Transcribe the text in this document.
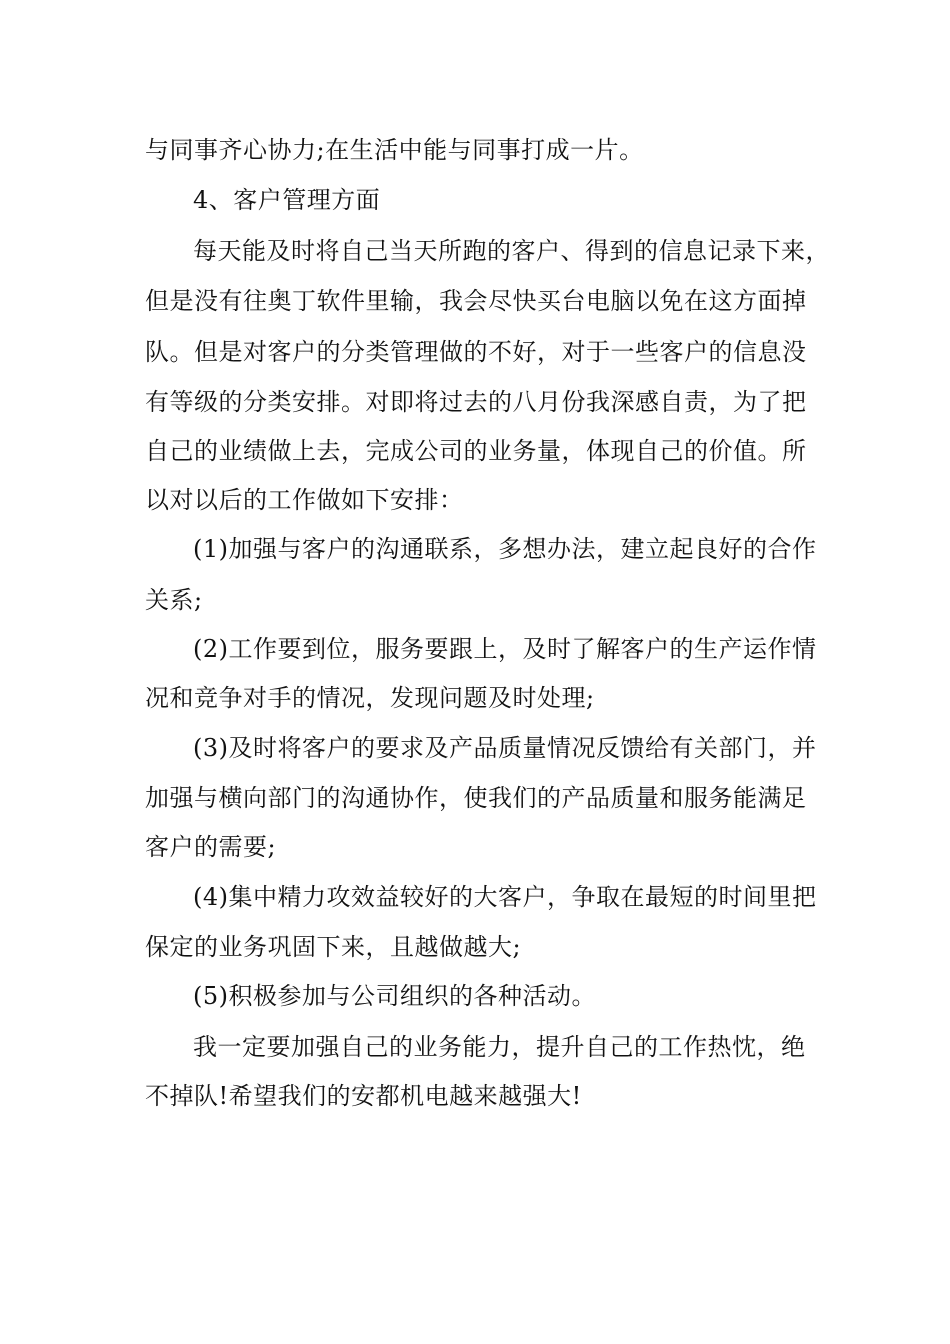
与同事齐心协力;在生活中能与同事打成一片。
4、客户管理方面
每天能及时将自己当天所跑的客户、得到的信息记录下来，
但是没有往奥丁软件里输，我会尽快买台电脑以免在这方面掉
队。但是对客户的分类管理做的不好，对于一些客户的信息没
有等级的分类安排。对即将过去的八月份我深感自责，为了把
自己的业绩做上去，完成公司的业务量，体现自己的价值。所
以对以后的工作做如下安排：
(1)加强与客户的沟通联系，多想办法，建立起良好的合作
关系;
(2)工作要到位，服务要跟上，及时了解客户的生产运作情
况和竞争对手的情况，发现问题及时处理;
(3)及时将客户的要求及产品质量情况反馈给有关部门，并
加强与横向部门的沟通协作，使我们的产品质量和服务能满足
客户的需要;
(4)集中精力攻效益较好的大客户，争取在最短的时间里把
保定的业务巩固下来，且越做越大;
(5)积极参加与公司组织的各种活动。
我一定要加强自己的业务能力，提升自己的工作热忱，绝
不掉队!希望我们的安都机电越来越强大!
